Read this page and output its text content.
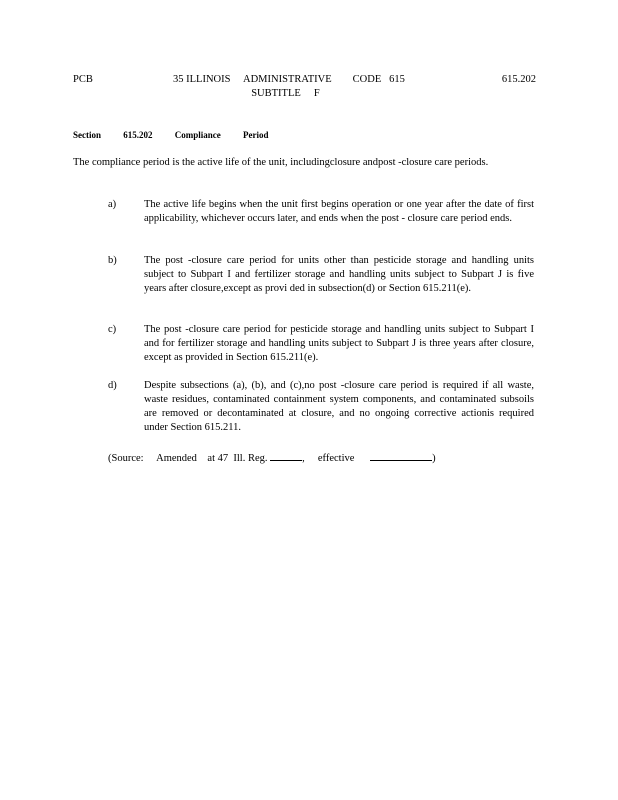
PCB	35 ILLINOIS     ADMINISTRATIVE        CODE   615
SUBTITLE     F
615.202
Section 615.202 Compliance Period
The compliance period is the active life of the unit, includingclosure andpost -closure care periods.
a)	The active life begins when the unit first begins operation or one year after the date of first applicability, whichever occurs later, and ends when the post - closure care period ends.
b)	The post -closure care period for units other than pesticide storage and handling units subject to Subpart I and fertilizer storage and handling units subject to Subpart J is five years after closure,except as provi ded in subsection(d) or Section 615.211(e).
c)	The post -closure care period for pesticide storage and handling units subject to Subpart I and for fertilizer storage and handling units subject to Subpart J is three years after closure, except as provided in Section 615.211(e).
d)	Despite subsections (a), (b), and (c),no post -closure care period is required if all waste, waste residues, contaminated containment system components, and contaminated subsoils are removed or decontaminated at closure, and no ongoing corrective actionis required under Section 615.211.
(Source:     Amended    at 47  Ill. Reg.	,     effective	)
